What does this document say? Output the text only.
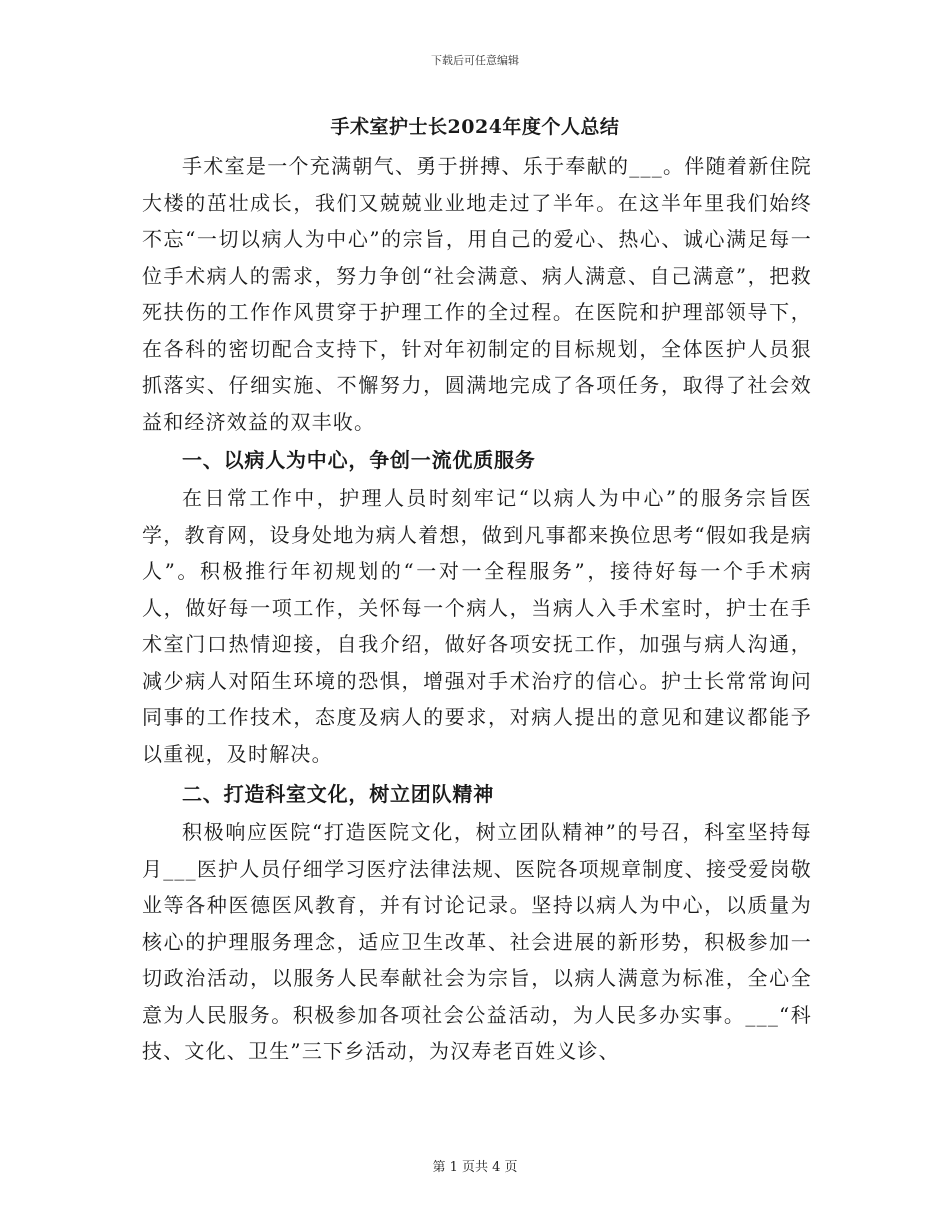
下载后可任意编辑
手术室护士长2024年度个人总结

手术室是一个充满朝气、勇于拼搏、乐于奉献的___。伴随着新住院大楼的茁壮成长，我们又兢兢业业地走过了半年。在这半年里我们始终不忘“一切以病人为中心”的宗旨，用自己的爱心、热心、诚心满足每一位手术病人的需求，努力争创“社会满意、病人满意、自己满意”，把救死扶伤的工作作风贯穿于护理工作的全过程。在医院和护理部领导下，在各科的密切配合支持下，针对年初制定的目标规划，全体医护人员狠抓落实、仔细实施、不懈努力，圆满地完成了各项任务，取得了社会效益和经济效益的双丰收。

一、以病人为中心，争创一流优质服务

在日常工作中，护理人员时刻牢记“以病人为中心”的服务宗旨医学，教育网，设身处地为病人着想，做到凡事都来换位思考“假如我是病人”。积极推行年初规划的“一对一全程服务”，接待好每一个手术病人，做好每一项工作，关怀每一个病人，当病人入手术室时，护士在手术室门口热情迎接，自我介绍，做好各项安抚工作，加强与病人沟通，减少病人对陌生环境的恐惧，增强对手术治疗的信心。护士长常常询问同事的工作技术，态度及病人的要求，对病人提出的意见和建议都能予以重视，及时解决。

二、打造科室文化，树立团队精神

积极响应医院“打造医院文化，树立团队精神”的号召，科室坚持每月___医护人员仔细学习医疗法律法规、医院各项规章制度、接受爱岗敬业等各种医德医风教育，并有讨论记录。坚持以病人为中心，以质量为核心的护理服务理念，适应卫生改革、社会进展的新形势，积极参加一切政治活动，以服务人民奉献社会为宗旨，以病人满意为标准，全心全意为人民服务。积极参加各项社会公益活动，为人民多办实事。___“科技、文化、卫生”三下乡活动，为汉寿老百姓义诊、

第 1 页共 4 页
